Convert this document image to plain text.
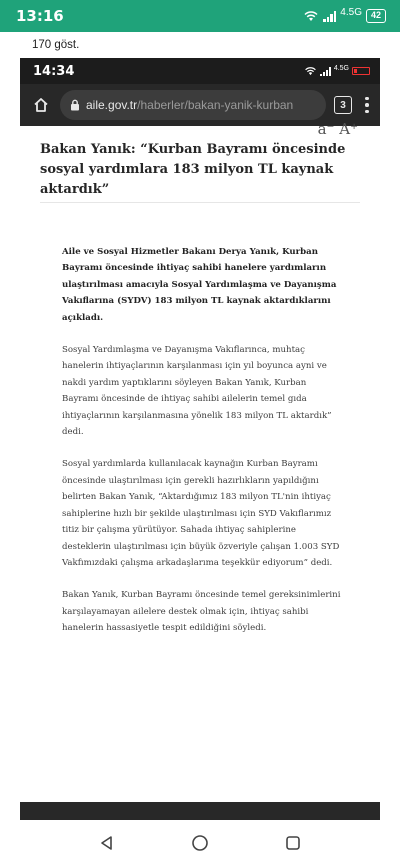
13:16	4.5G	42
170 göst.
14:34	4.5G
aile.gov.tr/haberler/bakan-yanik-kurban	3
a⁻ A⁺
Bakan Yanık: “Kurban Bayramı öncesinde sosyal yardımlara 183 milyon TL kaynak aktardık”

Aile ve Sosyal Hizmetler Bakanı Derya Yanık, Kurban Bayramı öncesinde ihtiyaç sahibi hanelere yardımların ulaştırılması amacıyla Sosyal Yardımlaşma ve Dayanışma Vakıflarına (SYDV) 183 milyon TL kaynak aktardıklarını açıkladı.

Sosyal Yardımlaşma ve Dayanışma Vakıflarınca, muhtaç hanelerin ihtiyaçlarının karşılanması için yıl boyunca ayni ve nakdi yardım yaptıklarını söyleyen Bakan Yanık, Kurban Bayramı öncesinde de ihtiyaç sahibi ailelerin temel gıda ihtiyaçlarının karşılanmasına yönelik 183 milyon TL aktardık” dedi.

Sosyal yardımlarda kullanılacak kaynağın Kurban Bayramı öncesinde ulaştırılması için gerekli hazırlıkların yapıldığını belirten Bakan Yanık, “Aktardığımız 183 milyon TL'nin ihtiyaç sahiplerine hızlı bir şekilde ulaştırılması için SYD Vakıflarımız titiz bir çalışma yürütüyor. Sahada ihtiyaç sahiplerine desteklerin ulaştırılması için büyük özveriyle çalışan 1.003 SYD Vakfımızdaki çalışma arkadaşlarıma teşekkür ediyorum” dedi.

Bakan Yanık, Kurban Bayramı öncesinde temel gereksinimlerini karşılayamayan ailelere destek olmak için, ihtiyaç sahibi hanelerin hassasiyetle tespit edildiğini söyledi.
